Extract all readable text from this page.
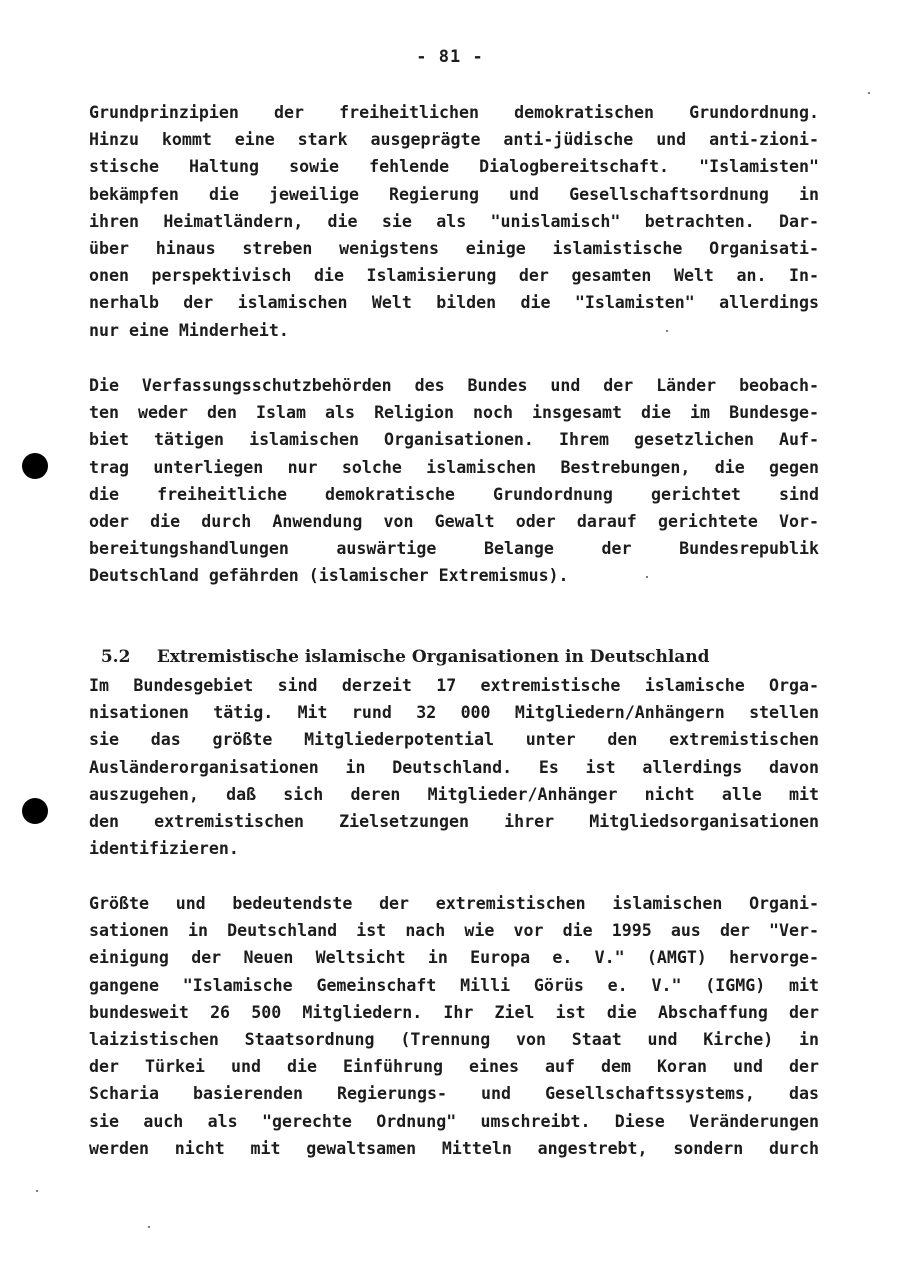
- 81 -
Grundprinzipien der freiheitlichen demokratischen Grundordnung.
Hinzu kommt eine stark ausgeprägte anti-jüdische und anti-zioni-
stische Haltung sowie fehlende Dialogbereitschaft. "Islamisten"
bekämpfen die jeweilige Regierung und Gesellschaftsordnung in
ihren Heimatländern, die sie als "unislamisch" betrachten. Dar-
über hinaus streben wenigstens einige islamistische Organisati-
onen perspektivisch die Islamisierung der gesamten Welt an. In-
nerhalb der islamischen Welt bilden die "Islamisten" allerdings
nur eine Minderheit.
Die Verfassungsschutzbehörden des Bundes und der Länder beobach-
ten weder den Islam als Religion noch insgesamt die im Bundesge-
biet tätigen islamischen Organisationen. Ihrem gesetzlichen Auf-
trag unterliegen nur solche islamischen Bestrebungen, die gegen
die freiheitliche demokratische Grundordnung gerichtet sind
oder die durch Anwendung von Gewalt oder darauf gerichtete Vor-
bereitungshandlungen auswärtige Belange der Bundesrepublik
Deutschland gefährden (islamischer Extremismus).

5.2 Extremistische islamische Organisationen in Deutschland

Im Bundesgebiet sind derzeit 17 extremistische islamische Orga-
nisationen tätig. Mit rund 32 000 Mitgliedern/Anhängern stellen
sie das größte Mitgliederpotential unter den extremistischen
Ausländerorganisationen in Deutschland. Es ist allerdings davon
auszugehen, daß sich deren Mitglieder/Anhänger nicht alle mit
den extremistischen Zielsetzungen ihrer Mitgliedsorganisationen
identifizieren.
Größte und bedeutendste der extremistischen islamischen Organi-
sationen in Deutschland ist nach wie vor die 1995 aus der "Ver-
einigung der Neuen Weltsicht in Europa e. V." (AMGT) hervorge-
gangene "Islamische Gemeinschaft Milli Görüs e. V." (IGMG) mit
bundesweit 26 500 Mitgliedern. Ihr Ziel ist die Abschaffung der
laizistischen Staatsordnung (Trennung von Staat und Kirche) in
der Türkei und die Einführung eines auf dem Koran und der
Scharia basierenden Regierungs- und Gesellschaftssystems, das
sie auch als "gerechte Ordnung" umschreibt. Diese Veränderungen
werden nicht mit gewaltsamen Mitteln angestrebt, sondern durch
